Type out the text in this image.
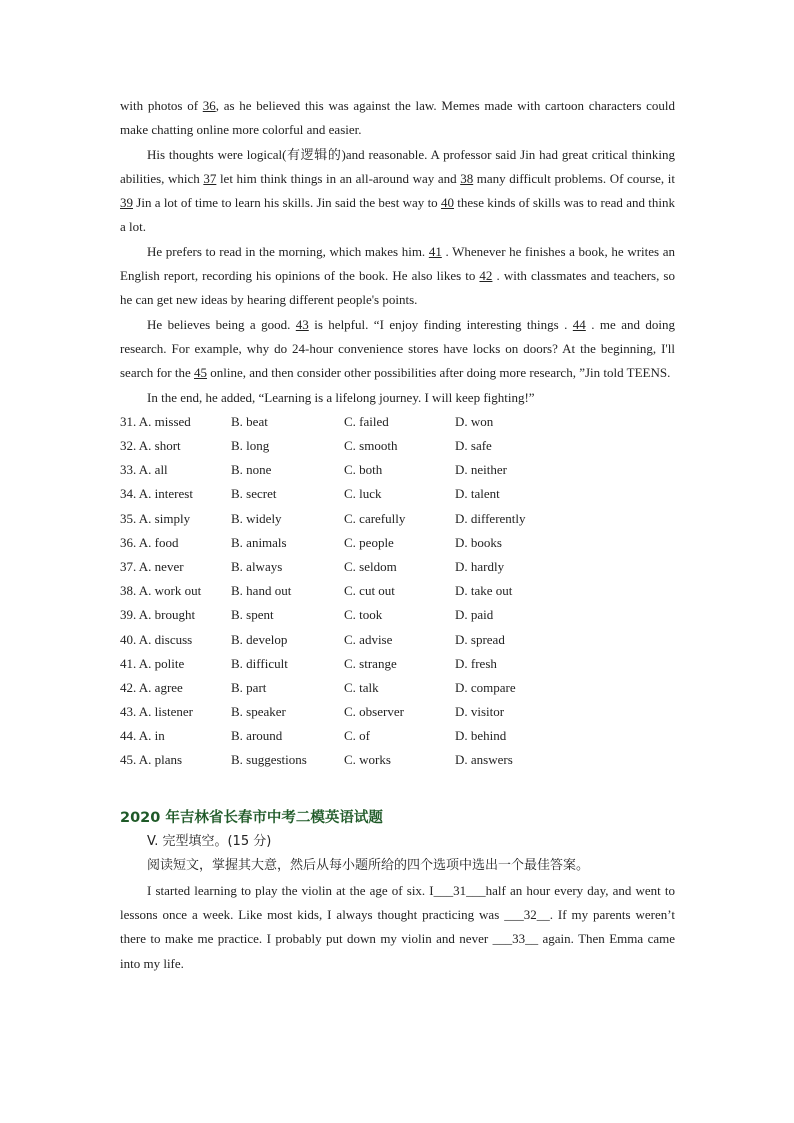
with photos of 36, as he believed this was against the law. Memes made with cartoon characters could make chatting online more colorful and easier.

His thoughts were logical(有逻辑的)and reasonable. A professor said Jin had great critical thinking abilities, which 37 let him think things in an all-around way and 38 many difficult problems. Of course, it 39 Jin a lot of time to learn his skills. Jin said the best way to 40 these kinds of skills was to read and think a lot.

He prefers to read in the morning, which makes him. 41 . Whenever he finishes a book, he writes an English report, recording his opinions of the book. He also likes to 42 . with classmates and teachers, so he can get new ideas by hearing different people's points.

He believes being a good. 43 is helpful. “I enjoy finding interesting things . 44 . me and doing research. For example, why do 24-hour convenience stores have locks on doors? At the beginning, I'll search for the 45 online, and then consider other possibilities after doing more research, ”Jin told TEENS.

In the end, he added, “Learning is a lifelong journey. I will keep fighting!”

31. A. missed	B. beat	C. failed	D. won
32. A. short	B. long	C. smooth	D. safe
33. A. all	B. none	C. both	D. neither
34. A. interest	B. secret	C. luck	D. talent
35. A. simply	B. widely	C. carefully	D. differently
36. A. food	B. animals	C. people	D. books
37. A. never	B. always	C. seldom	D. hardly
38. A. work out	B. hand out	C. cut out	D. take out
39. A. brought	B. spent	C. took	D. paid
40. A. discuss	B. develop	C. advise	D. spread
41. A. polite	B. difficult	C. strange	D. fresh
42. A. agree	B. part	C. talk	D. compare
43. A. listener	B. speaker	C. observer	D. visitor
44. A. in	B. around	C. of	D. behind
45. A. plans	B. suggestions	C. works	D. answers
2020 年吉林省长春市中考二模英语试题

V. 完型填空。(15 分)

阅读短文，掌握其大意，然后从每小题所给的四个选项中选出一个最佳答案。

I started learning to play the violin at the age of six. I___31___half an hour every day, and went to lessons once a week. Like most kids, I always thought practicing was ___32__. If my parents weren’t there to make me practice. I probably put down my violin and never ___33__ again. Then Emma came into my life.
